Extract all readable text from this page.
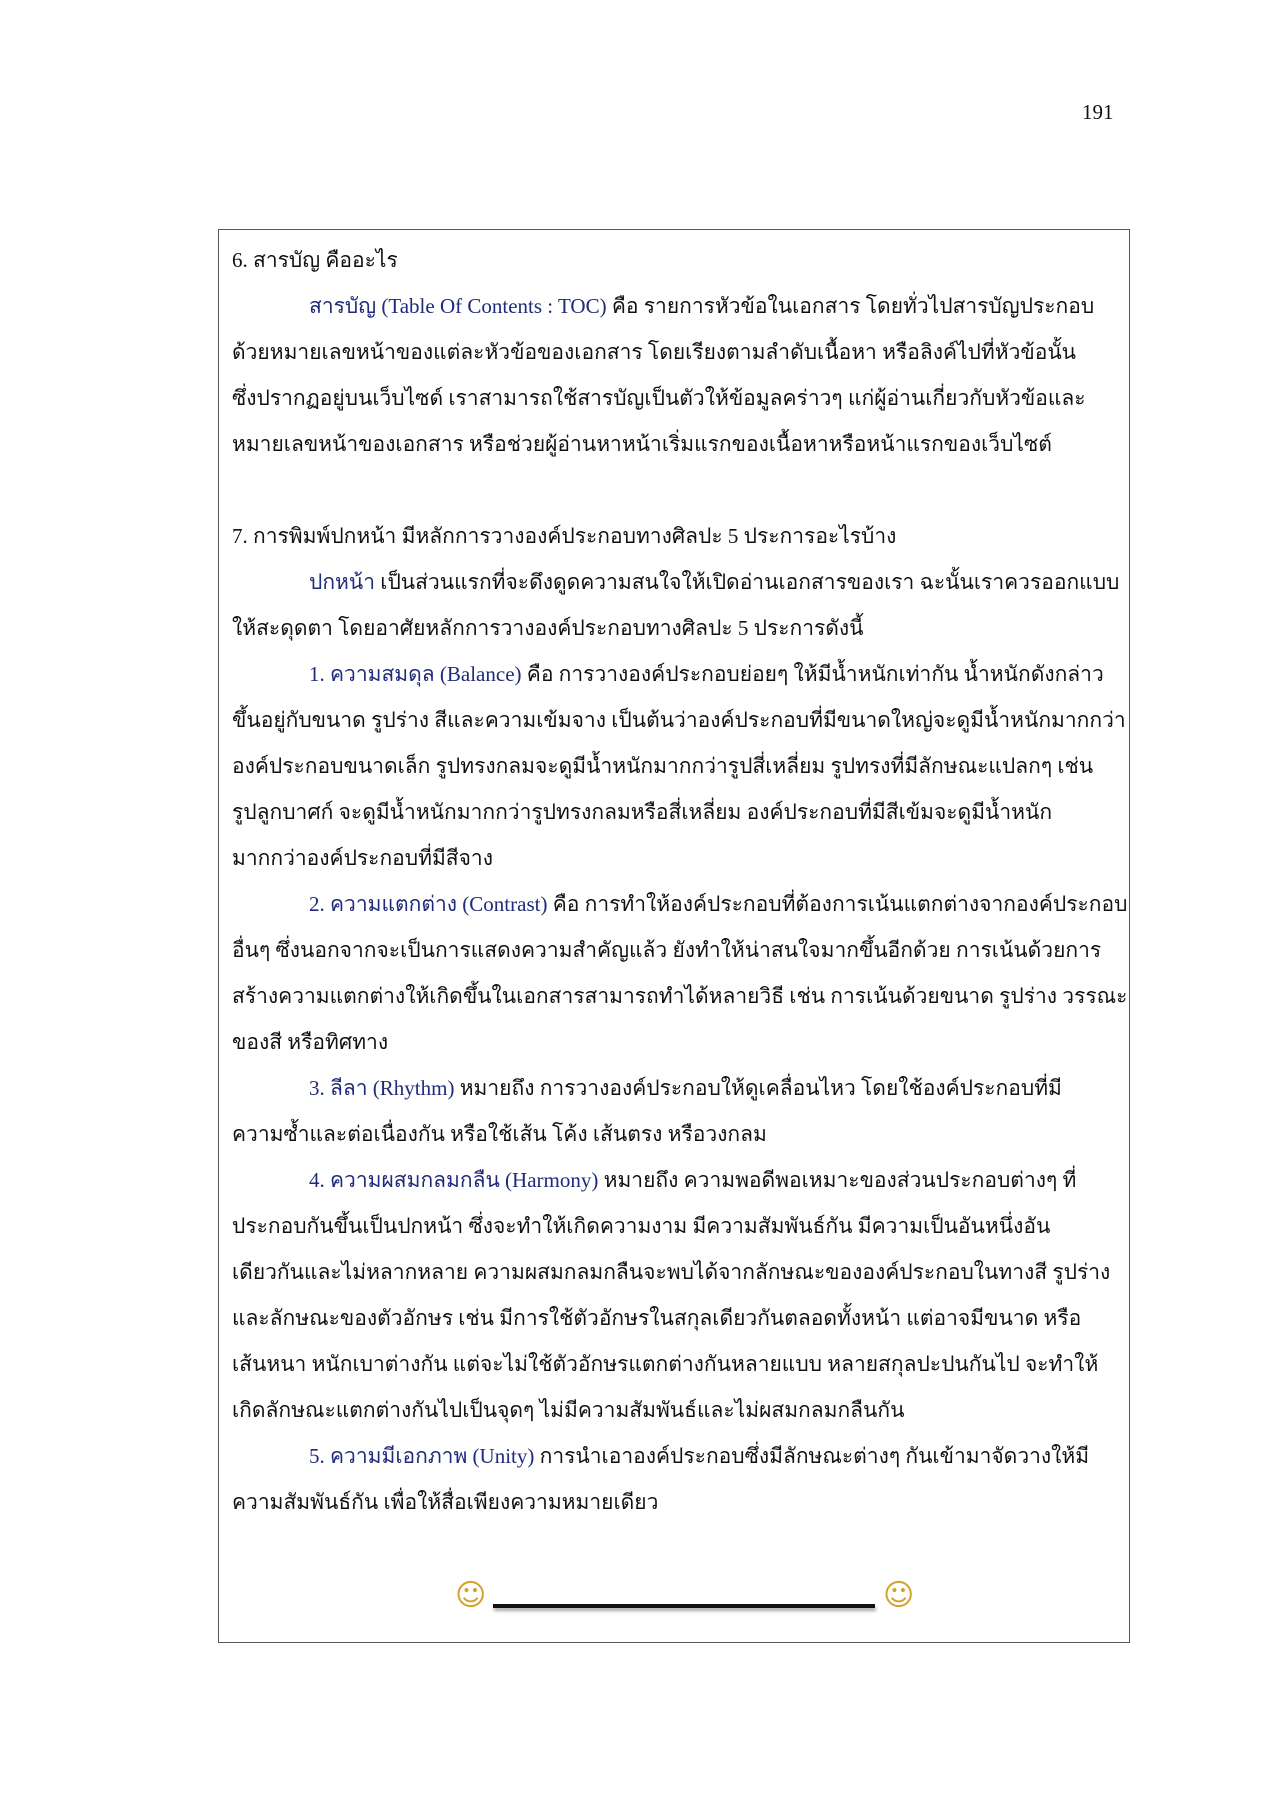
191
6. สารบัญ คืออะไร
สารบัญ (Table Of Contents : TOC) คือ รายการหัวข้อในเอกสาร โดยทั่วไปสารบัญประกอบ
ด้วยหมายเลขหน้าของแต่ละหัวข้อของเอกสาร โดยเรียงตามลำดับเนื้อหา หรือลิงค์ไปที่หัวข้อนั้น
ซึ่งปรากฏอยู่บนเว็บไซด์ เราสามารถใช้สารบัญเป็นตัวให้ข้อมูลคร่าวๆ แก่ผู้อ่านเกี่ยวกับหัวข้อและ
หมายเลขหน้าของเอกสาร หรือช่วยผู้อ่านหาหน้าเริ่มแรกของเนื้อหาหรือหน้าแรกของเว็บไซต์
7. การพิมพ์ปกหน้า มีหลักการวางองค์ประกอบทางศิลปะ 5 ประการอะไรบ้าง
ปกหน้า เป็นส่วนแรกที่จะดึงดูดความสนใจให้เปิดอ่านเอกสารของเรา ฉะนั้นเราควรออกแบบ
ให้สะดุดตา โดยอาศัยหลักการวางองค์ประกอบทางศิลปะ 5 ประการดังนี้
1. ความสมดุล (Balance) คือ การวางองค์ประกอบย่อยๆ ให้มีน้ำหนักเท่ากัน น้ำหนักดังกล่าว
ขึ้นอยู่กับขนาด รูปร่าง สีและความเข้มจาง เป็นต้นว่าองค์ประกอบที่มีขนาดใหญ่จะดูมีน้ำหนักมากกว่า
องค์ประกอบขนาดเล็ก รูปทรงกลมจะดูมีน้ำหนักมากกว่ารูปสี่เหลี่ยม รูปทรงที่มีลักษณะแปลกๆ เช่น
รูปลูกบาศก์ จะดูมีน้ำหนักมากกว่ารูปทรงกลมหรือสี่เหลี่ยม องค์ประกอบที่มีสีเข้มจะดูมีน้ำหนัก
มากกว่าองค์ประกอบที่มีสีจาง
2. ความแตกต่าง (Contrast) คือ การทำให้องค์ประกอบที่ต้องการเน้นแตกต่างจากองค์ประกอบ
อื่นๆ ซึ่งนอกจากจะเป็นการแสดงความสำคัญแล้ว ยังทำให้น่าสนใจมากขึ้นอีกด้วย การเน้นด้วยการ
สร้างความแตกต่างให้เกิดขึ้นในเอกสารสามารถทำได้หลายวิธี เช่น การเน้นด้วยขนาด รูปร่าง วรรณะ
ของสี หรือทิศทาง
3. ลีลา (Rhythm) หมายถึง การวางองค์ประกอบให้ดูเคลื่อนไหว โดยใช้องค์ประกอบที่มี
ความซ้ำและต่อเนื่องกัน หรือใช้เส้น โค้ง เส้นตรง หรือวงกลม
4. ความผสมกลมกลืน (Harmony) หมายถึง ความพอดีพอเหมาะของส่วนประกอบต่างๆ ที่
ประกอบกันขึ้นเป็นปกหน้า ซึ่งจะทำให้เกิดความงาม มีความสัมพันธ์กัน มีความเป็นอันหนึ่งอัน
เดียวกันและไม่หลากหลาย ความผสมกลมกลืนจะพบได้จากลักษณะขององค์ประกอบในทางสี รูปร่าง
และลักษณะของตัวอักษร เช่น มีการใช้ตัวอักษรในสกุลเดียวกันตลอดทั้งหน้า แต่อาจมีขนาด หรือ
เส้นหนา หนักเบาต่างกัน แต่จะไม่ใช้ตัวอักษรแตกต่างกันหลายแบบ หลายสกุลปะปนกันไป จะทำให้
เกิดลักษณะแตกต่างกันไปเป็นจุดๆ ไม่มีความสัมพันธ์และไม่ผสมกลมกลืนกัน
5. ความมีเอกภาพ (Unity) การนำเอาองค์ประกอบซึ่งมีลักษณะต่างๆ กันเข้ามาจัดวางให้มี
ความสัมพันธ์กัน เพื่อให้สื่อเพียงความหมายเดียว
☺	☺
